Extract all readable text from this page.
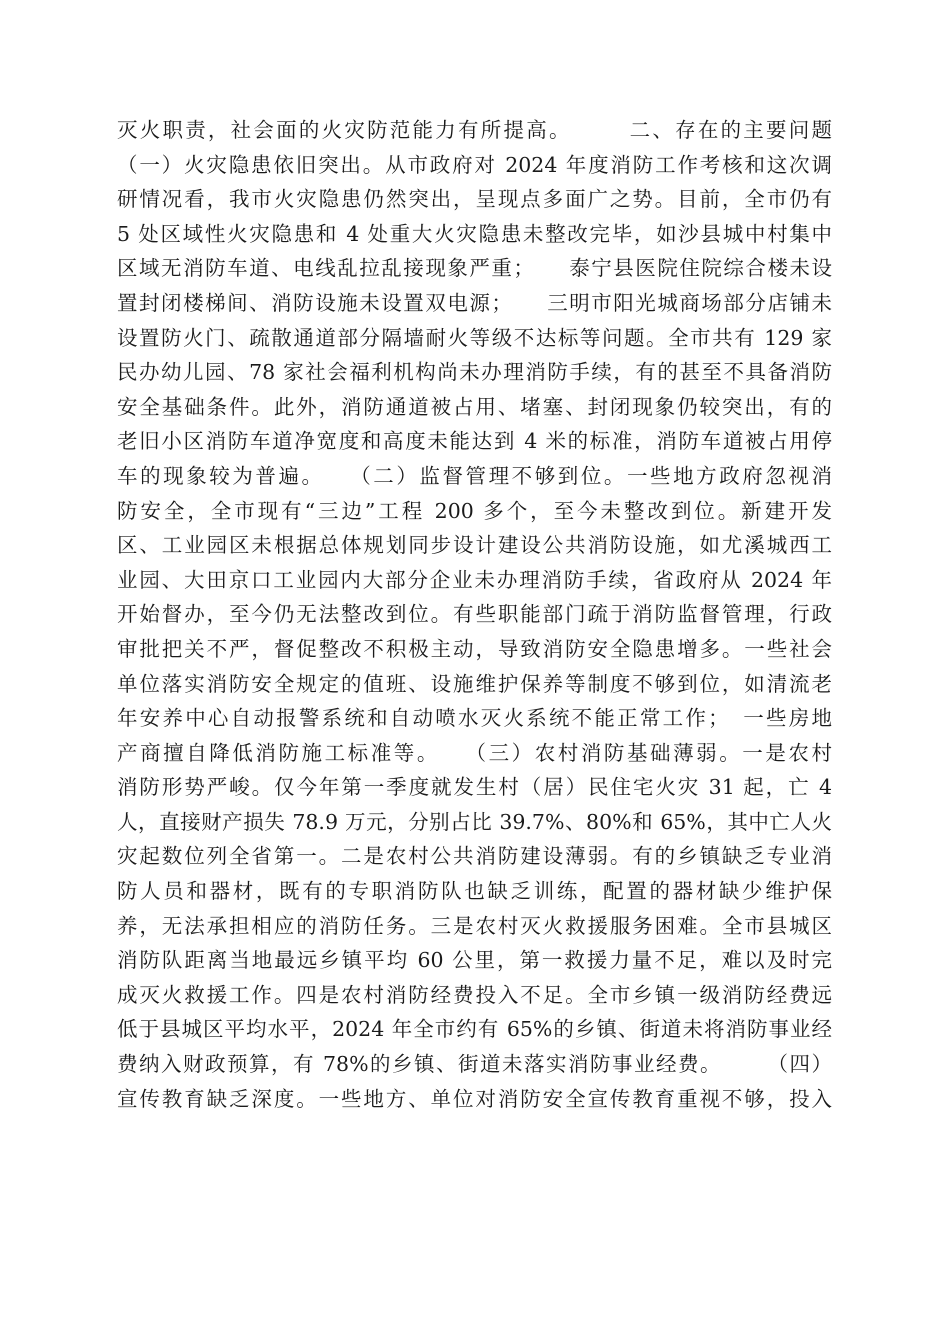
灭火职责，社会面的火灾防范能力有所提高。　　　二、存在的主要问题
（一）火灾隐患依旧突出。从市政府对 2024 年度消防工作考核和这次调
研情况看，我市火灾隐患仍然突出，呈现点多面广之势。目前，全市仍有
5 处区域性火灾隐患和 4 处重大火灾隐患未整改完毕，如沙县城中村集中
区域无消防车道、电线乱拉乱接现象严重；　　泰宁县医院住院综合楼未设
置封闭楼梯间、消防设施未设置双电源；　　三明市阳光城商场部分店铺未
设置防火门、疏散通道部分隔墙耐火等级不达标等问题。全市共有 129 家
民办幼儿园、78 家社会福利机构尚未办理消防手续，有的甚至不具备消防
安全基础条件。此外，消防通道被占用、堵塞、封闭现象仍较突出，有的
老旧小区消防车道净宽度和高度未能达到 4 米的标准，消防车道被占用停
车的现象较为普遍。　　（二）监督管理不够到位。一些地方政府忽视消
防安全，全市现有“三边”工程 200 多个，至今未整改到位。新建开发
区、工业园区未根据总体规划同步设计建设公共消防设施，如尤溪城西工
业园、大田京口工业园内大部分企业未办理消防手续，省政府从 2024 年
开始督办，至今仍无法整改到位。有些职能部门疏于消防监督管理，行政
审批把关不严，督促整改不积极主动，导致消防安全隐患增多。一些社会
单位落实消防安全规定的值班、设施维护保养等制度不够到位，如清流老
年安养中心自动报警系统和自动喷水灭火系统不能正常工作；　一些房地
产商擅自降低消防施工标准等。　　（三）农村消防基础薄弱。一是农村
消防形势严峻。仅今年第一季度就发生村（居）民住宅火灾 31 起，亡 4
人，直接财产损失 78.9 万元，分别占比 39.7%、80%和 65%，其中亡人火
灾起数位列全省第一。二是农村公共消防建设薄弱。有的乡镇缺乏专业消
防人员和器材，既有的专职消防队也缺乏训练，配置的器材缺少维护保
养，无法承担相应的消防任务。三是农村灭火救援服务困难。全市县城区
消防队距离当地最远乡镇平均 60 公里，第一救援力量不足，难以及时完
成灭火救援工作。四是农村消防经费投入不足。全市乡镇一级消防经费远
低于县城区平均水平，2024 年全市约有 65%的乡镇、街道未将消防事业经
费纳入财政预算，有 78%的乡镇、街道未落实消防事业经费。　　　（四）
宣传教育缺乏深度。一些地方、单位对消防安全宣传教育重视不够，投入
